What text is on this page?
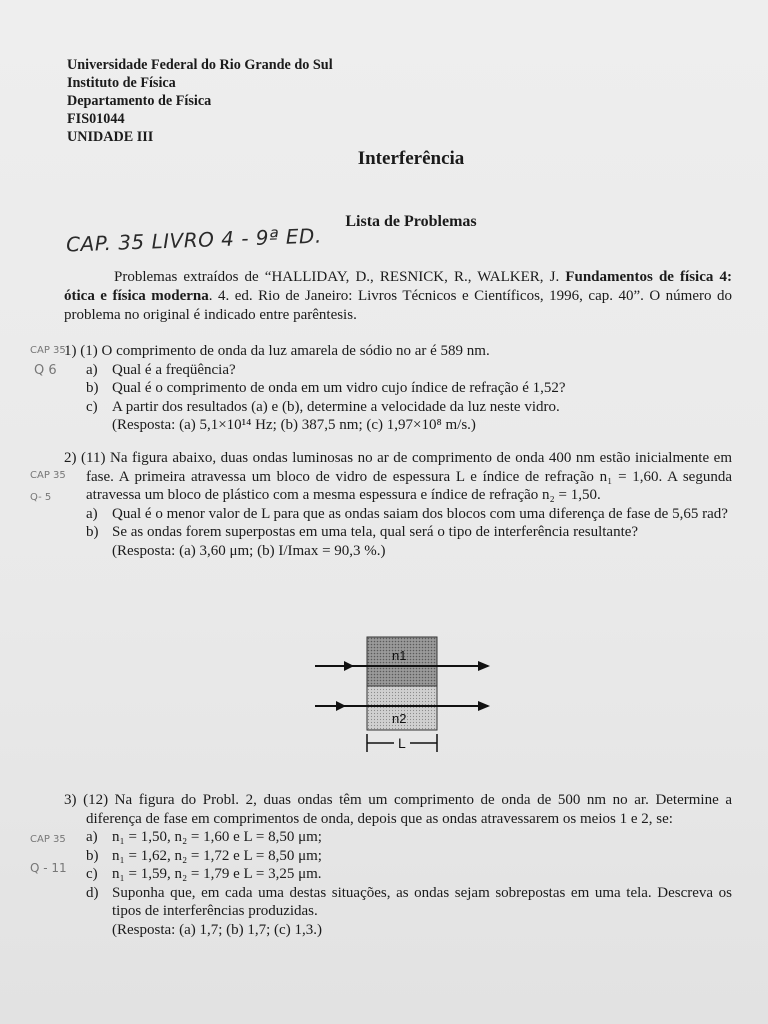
Universidade Federal do Rio Grande do Sul
Instituto de Física
Departamento de Física
FIS01044
UNIDADE III
Interferência
Lista de Problemas
CAP. 35 LIVRO 4 - 9ª ED.

Problemas extraídos de “HALLIDAY, D., RESNICK, R., WALKER, J. Fundamentos de física 4: ótica e física moderna. 4. ed. Rio de Janeiro: Livros Técnicos e Científicos, 1996, cap. 40”. O número do problema no original é indicado entre parêntesis.

CAP 35
Q 6
CAP 35
Q- 5
CAP 35
Q - 11
1) (1) O comprimento de onda da luz amarela de sódio no ar é 589 nm.
a) Qual é a freqüência?
b) Qual é o comprimento de onda em um vidro cujo índice de refração é 1,52?
c) A partir dos resultados (a) e (b), determine a velocidade da luz neste vidro.
(Resposta: (a) 5,1×10¹⁴ Hz; (b) 387,5 nm; (c) 1,97×10⁸ m/s.)
2) (11) Na figura abaixo, duas ondas luminosas no ar de comprimento de onda 400 nm estão inicialmente em fase. A primeira atravessa um bloco de vidro de espessura L e índice de refração n₁ = 1,60. A segunda atravessa um bloco de plástico com a mesma espessura e índice de refração n₂ = 1,50.
a) Qual é o menor valor de L para que as ondas saiam dos blocos com uma diferença de fase de 5,65 rad?
b) Se as ondas forem superpostas em uma tela, qual será o tipo de interferência resultante?
(Resposta: (a) 3,60 μm; (b) I/Imax = 90,3 %.)
n1
n2
L
3) (12) Na figura do Probl. 2, duas ondas têm um comprimento de onda de 500 nm no ar. Determine a diferença de fase em comprimentos de onda, depois que as ondas atravessarem os meios 1 e 2, se:
a) n₁ = 1,50, n₂ = 1,60 e L = 8,50 μm;
b) n₁ = 1,62, n₂ = 1,72 e L = 8,50 μm;
c) n₁ = 1,59, n₂ = 1,79 e L = 3,25 μm.
d) Suponha que, em cada uma destas situações, as ondas sejam sobrepostas em uma tela. Descreva os tipos de interferências produzidas.
(Resposta: (a) 1,7; (b) 1,7; (c) 1,3.)
